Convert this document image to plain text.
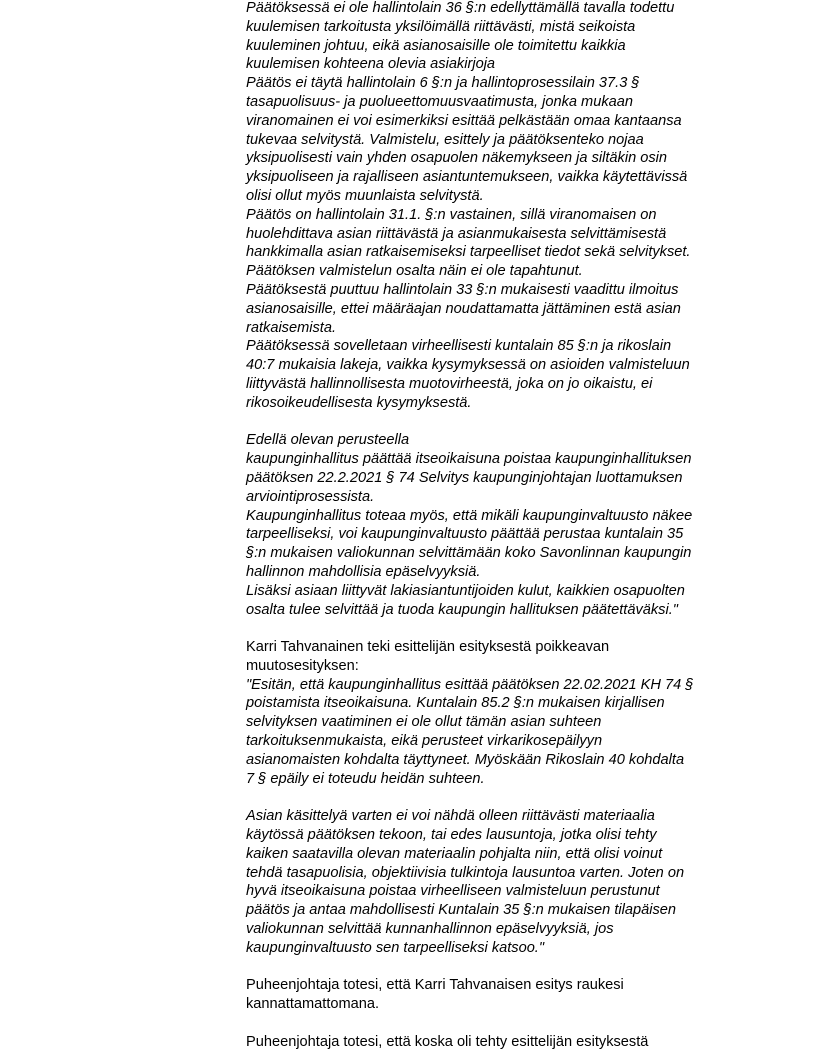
Päätöksessä ei ole hallintolain 36 §:n edellyttämällä tavalla todettu
kuulemisen tarkoitusta yksilöimällä riittävästi, mistä seikoista
kuuleminen johtuu, eikä asianosaisille ole toimitettu kaikkia
kuulemisen kohteena olevia asiakirjoja
Päätös ei täytä hallintolain 6 §:n ja hallintoprosessilain 37.3 §
tasapuolisuus- ja puolueettomuusvaatimusta, jonka mukaan
viranomainen ei voi esimerkiksi esittää pelkästään omaa kantaansa
tukevaa selvitystä. Valmistelu, esittely ja päätöksenteko nojaa
yksipuolisesti vain yhden osapuolen näkemykseen ja siltäkin osin
yksipuoliseen ja rajalliseen asiantuntemukseen, vaikka käytettävissä
olisi ollut myös muunlaista selvitystä.
Päätös on hallintolain 31.1. §:n vastainen, sillä viranomaisen on
huolehdittava asian riittävästä ja asianmukaisesta selvittämisestä
hankkimalla asian ratkaisemiseksi tarpeelliset tiedot sekä selvitykset.
Päätöksen valmistelun osalta näin ei ole tapahtunut.
Päätöksestä puuttuu hallintolain 33 §:n mukaisesti vaadittu ilmoitus
asianosaisille, ettei määräajan noudattamatta jättäminen estä asian
ratkaisemista.
Päätöksessä sovelletaan virheellisesti kuntalain 85 §:n ja rikoslain
40:7 mukaisia lakeja, vaikka kysymyksessä on asioiden valmisteluun
liittyvästä hallinnollisesta muotovirheestä, joka on jo oikaistu, ei
rikosoikeudellisesta kysymyksestä.
Edellä olevan perusteella
kaupunginhallitus päättää itseoikaisuna poistaa kaupunginhallituksen
päätöksen 22.2.2021 § 74 Selvitys kaupunginjohtajan luottamuksen
arviointiprosessista.
Kaupunginhallitus toteaa myös, että mikäli kaupunginvaltuusto näkee
tarpeelliseksi, voi kaupunginvaltuusto päättää perustaa kuntalain 35
§:n mukaisen valiokunnan selvittämään koko Savonlinnan kaupungin
hallinnon mahdollisia epäselvyyksiä.
Lisäksi asiaan liittyvät lakiasiantuntijoiden kulut, kaikkien osapuolten
osalta tulee selvittää ja tuoda kaupungin hallituksen päätettäväksi."
Karri Tahvanainen teki esittelijän esityksestä poikkeavan
muutosesityksen:
"Esitän, että kaupunginhallitus esittää päätöksen 22.02.2021 KH 74 §
poistamista itseoikaisuna. Kuntalain 85.2 §:n mukaisen kirjallisen
selvityksen vaatiminen ei ole ollut tämän asian suhteen
tarkoituksenmukaista, eikä perusteet virkarikosepäilyyn
asianomaisten kohdalta täyttyneet. Myöskään Rikoslain 40 kohdalta
7 § epäily ei toteudu heidän suhteen.
Asian käsittelyä varten ei voi nähdä olleen riittävästi materiaalia
käytössä päätöksen tekoon, tai edes lausuntoja, jotka olisi tehty
kaiken saatavilla olevan materiaalin pohjalta niin, että olisi voinut
tehdä tasapuolisia, objektiivisia tulkintoja lausuntoa varten. Joten on
hyvä itseoikaisuna poistaa virheelliseen valmisteluun perustunut
päätös ja antaa mahdollisesti Kuntalain 35 §:n mukaisen tilapäisen
valiokunnan selvittää kunnanhallinnon epäselvyyksiä, jos
kaupunginvaltuusto sen tarpeelliseksi katsoo."
Puheenjohtaja totesi, että Karri Tahvanaisen esitys raukesi
kannattamattomana.
Puheenjohtaja totesi, että koska oli tehty esittelijän esityksestä
